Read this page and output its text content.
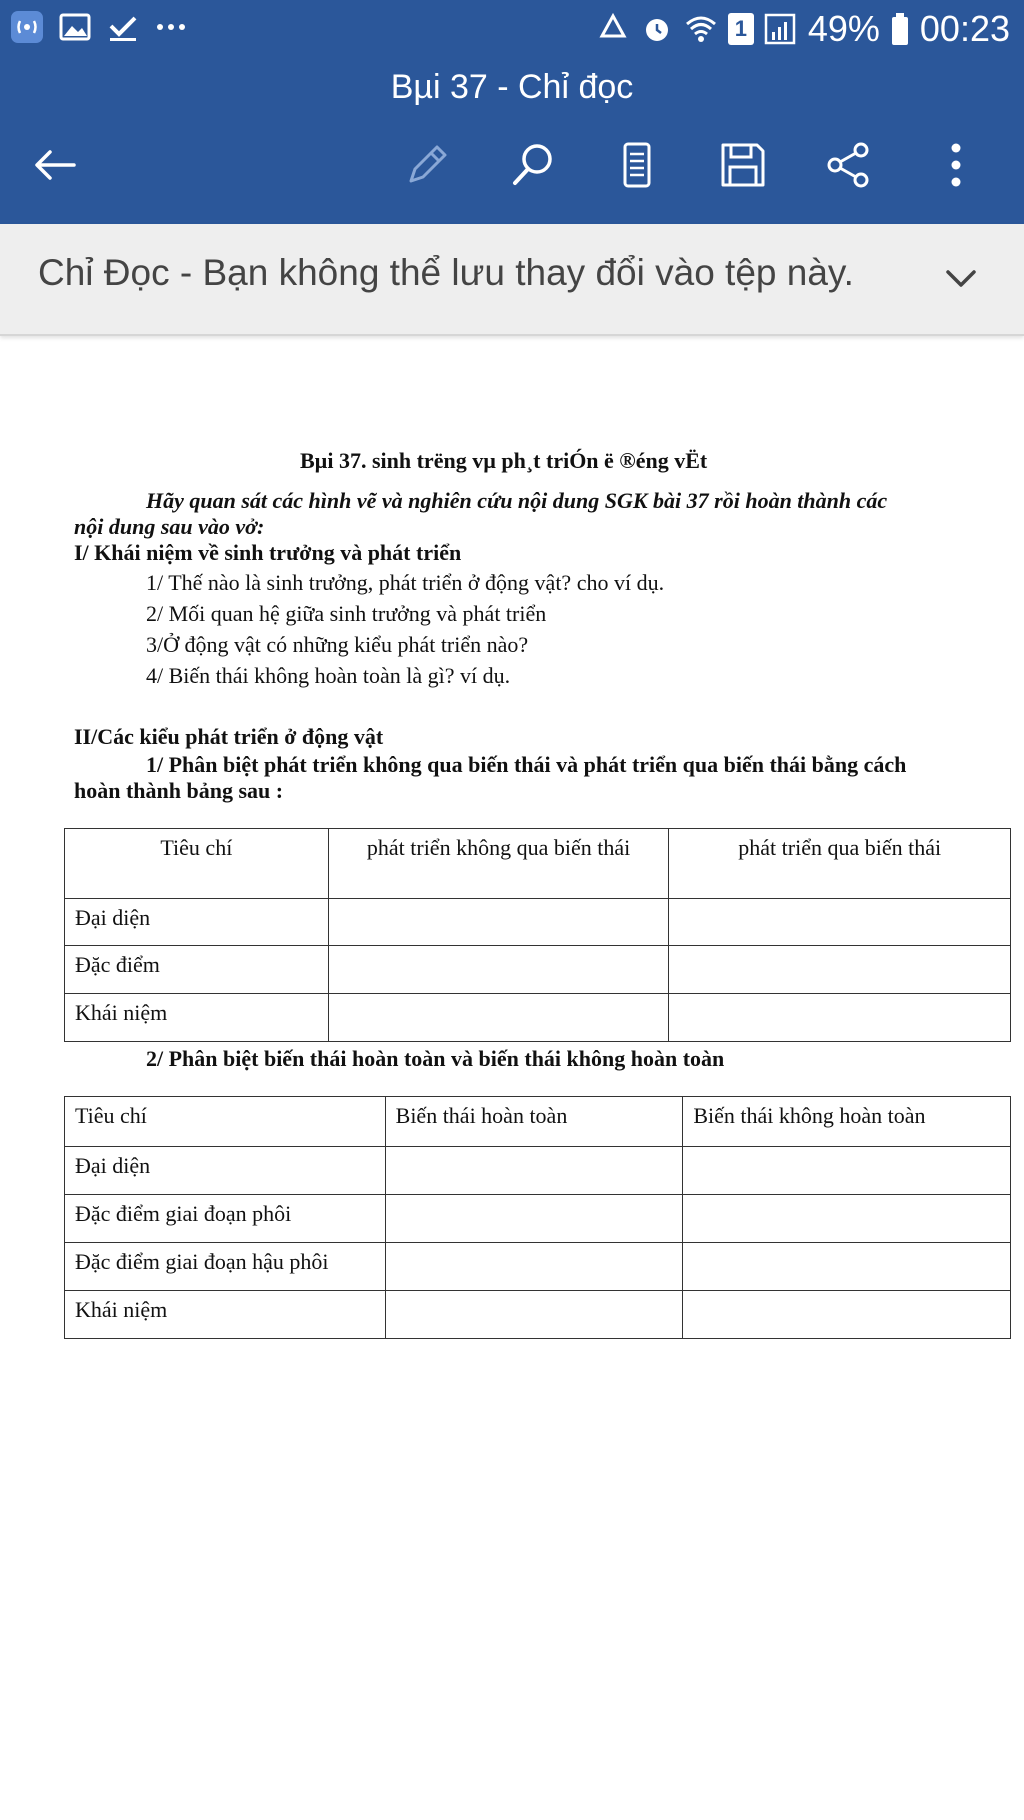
1 49% 00:23
Bµi 37 - Chỉ đọc
Chỉ Đọc - Bạn không thể lưu thay đổi vào tệp này.
Bµi 37. sinh trëng vµ ph¸t triÓn ë ®éng vËt
Hãy quan sát các hình vẽ và nghiên cứu nội dung SGK bài 37 rồi hoàn thành các
nội dung sau vào vở:
I/ Khái niệm về sinh trưởng và phát triển
1/ Thế nào là sinh trưởng, phát triển ở động vật? cho ví dụ.
2/ Mối quan hệ giữa sinh trưởng và phát triển
3/Ở động vật có những kiểu phát triển nào?
4/ Biến thái không hoàn toàn là gì? ví dụ.
II/Các kiểu phát triển ở động vật
1/ Phân biệt phát triển không qua biến thái và phát triển qua biến thái bằng cách
hoàn thành bảng sau :
Tiêu chí	phát triển không qua biến thái	phát triển qua biến thái
Đại diện		
Đặc điểm		
Khái niệm		
2/ Phân biệt biến thái hoàn toàn và biến thái không hoàn toàn
Tiêu chí	Biến thái hoàn toàn	Biến thái không hoàn toàn
Đại diện		
Đặc điểm giai đoạn phôi		
Đặc điểm giai đoạn hậu phôi		
Khái niệm		
